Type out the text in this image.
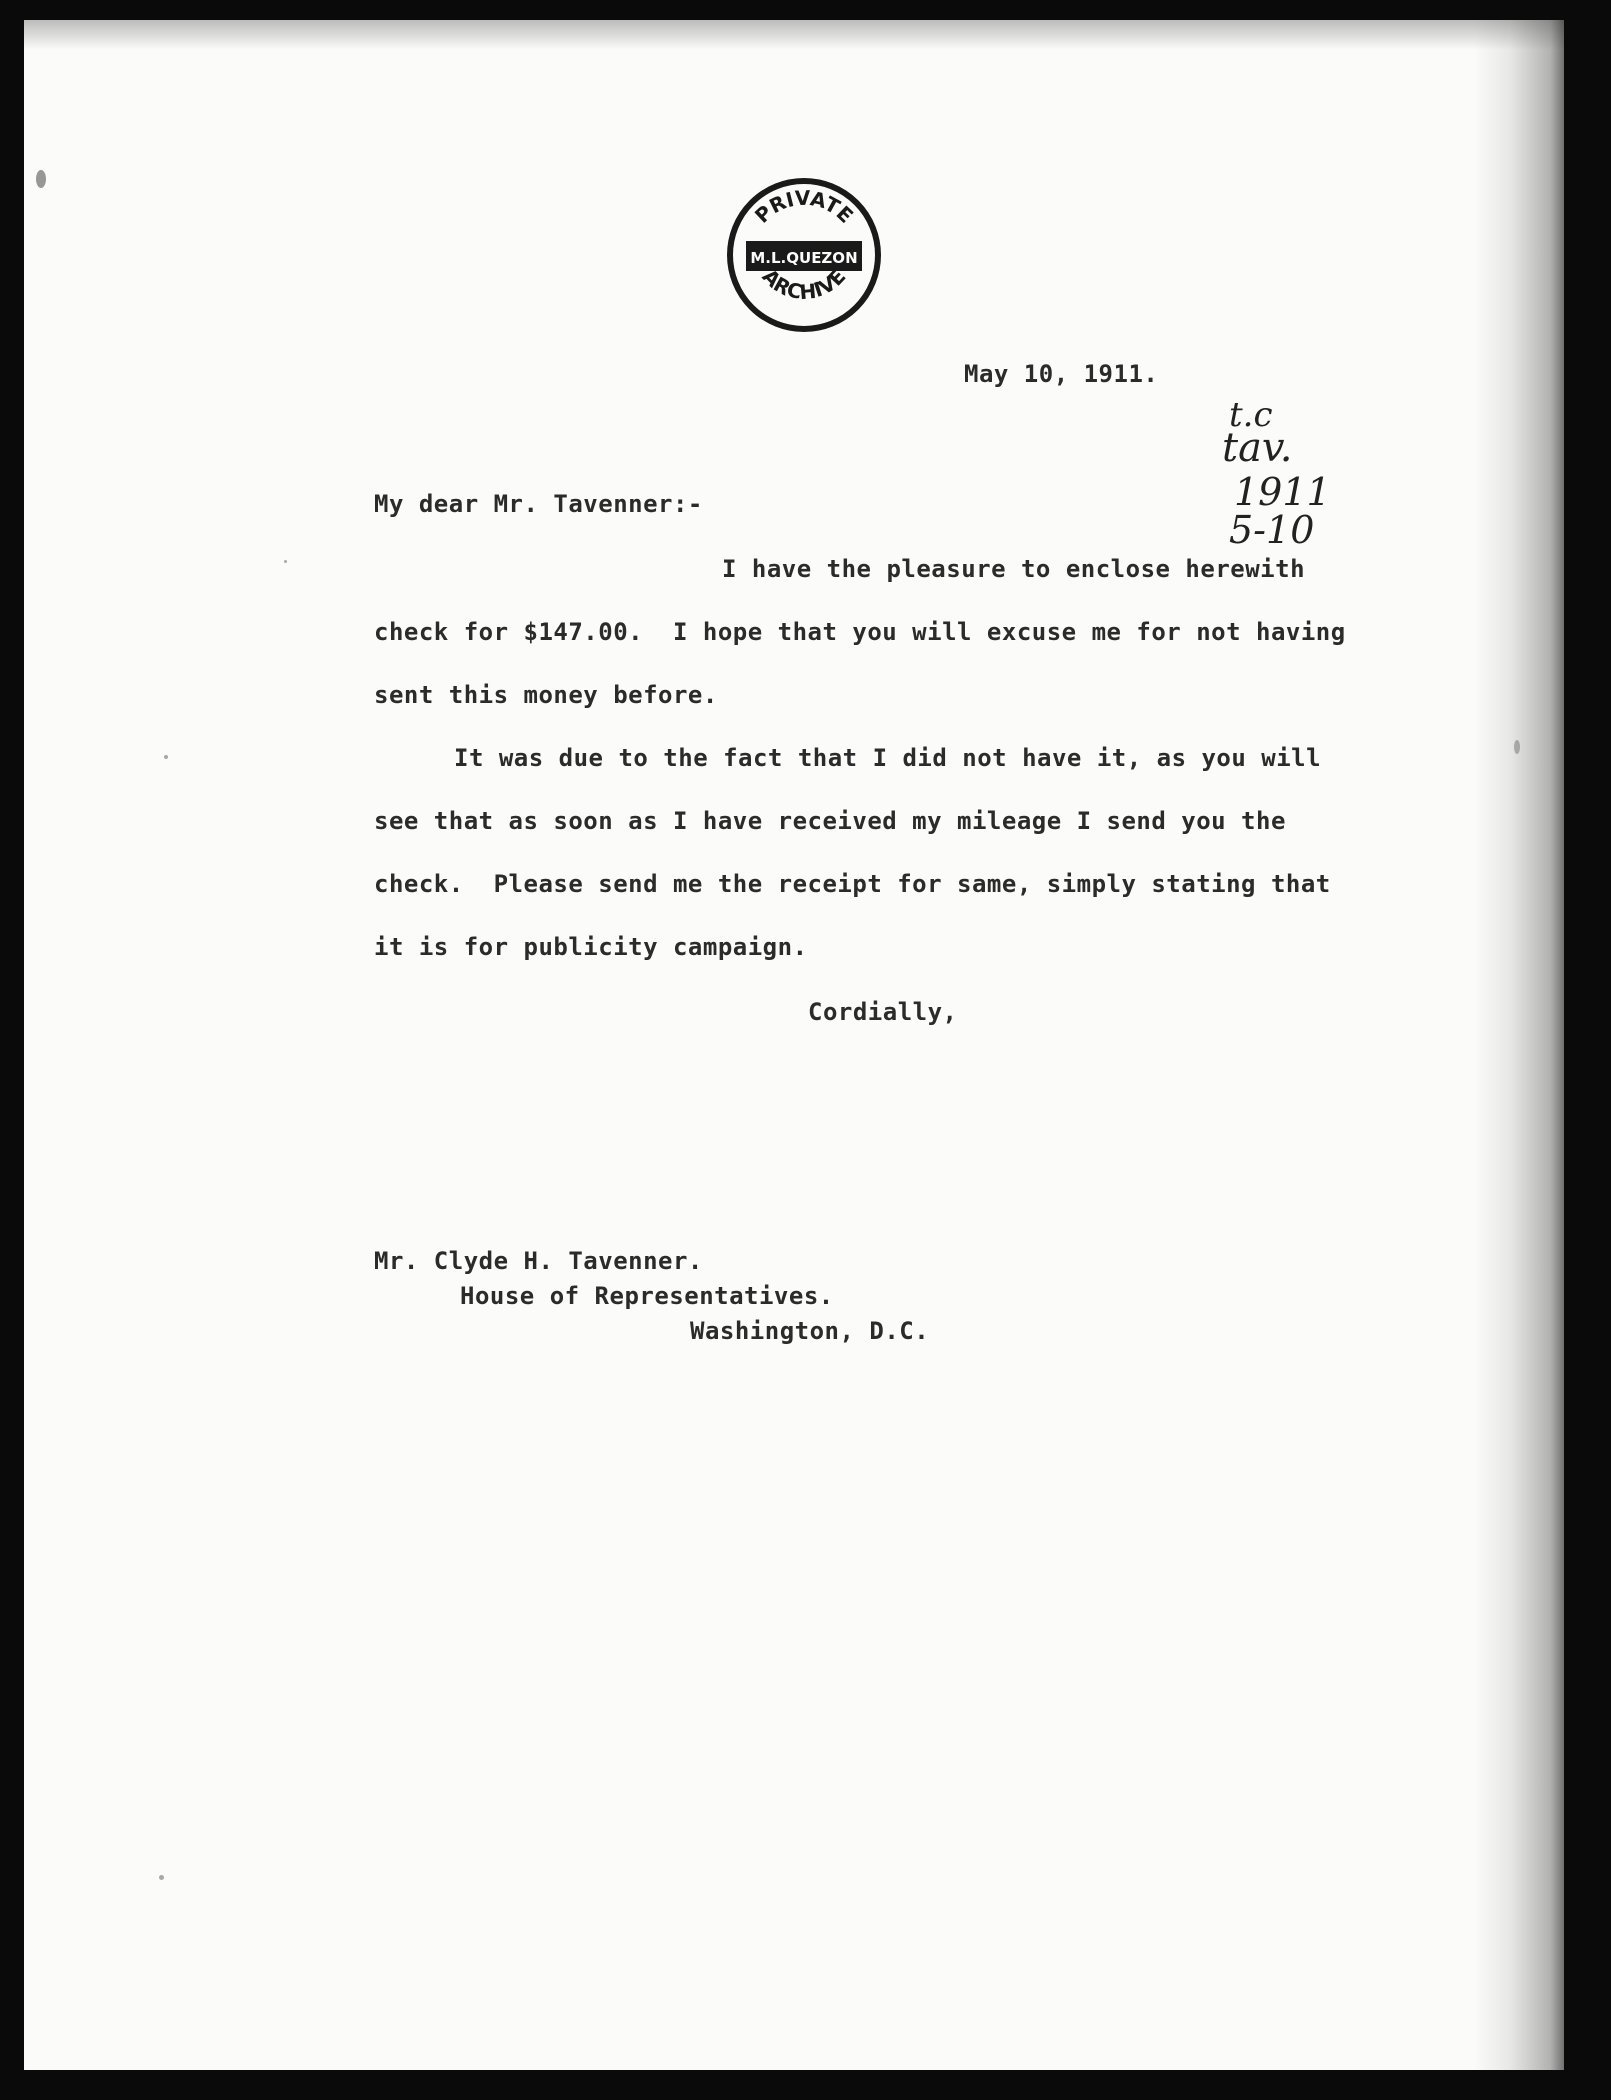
PRIVATE
M.L.QUEZON
ARCHIVE
t.c
tav.
1911
5-10
May 10, 1911.
My dear Mr. Tavenner:-
I have the pleasure to enclose herewith
check for $147.00.  I hope that you will excuse me for not having
sent this money before.
It was due to the fact that I did not have it, as you will
see that as soon as I have received my mileage I send you the
check.  Please send me the receipt for same, simply stating that
it is for publicity campaign.
Cordially,
Mr. Clyde H. Tavenner.
House of Representatives.
Washington, D.C.
